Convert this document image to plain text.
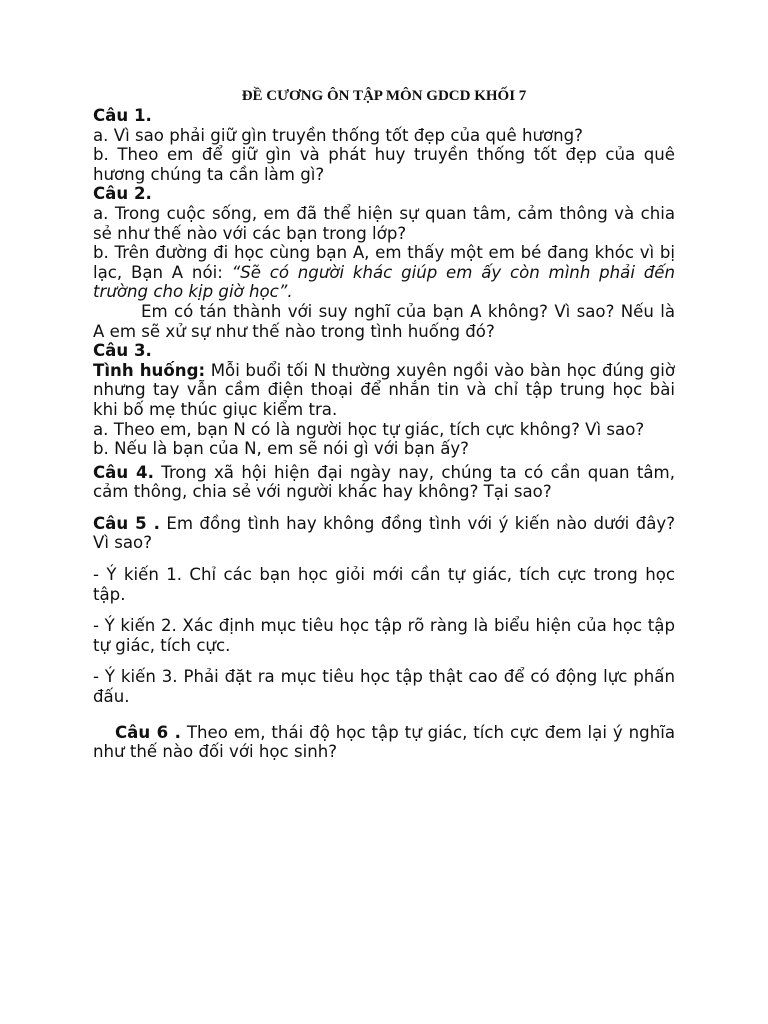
ĐỀ CƯƠNG ÔN TẬP MÔN GDCD KHỐI 7

Câu 1.

a. Vì sao phải giữ gìn truyền thống tốt đẹp của quê hương?

b. Theo em để giữ gìn và phát huy truyền thống tốt đẹp của quê hương chúng ta cần làm gì?

Câu 2.

a. Trong cuộc sống, em đã thể hiện sự quan tâm, cảm thông và chia sẻ như thế nào với các bạn trong lớp?

b. Trên đường đi học cùng bạn A, em thấy một em bé đang khóc vì bị lạc, Bạn A nói: “Sẽ có người khác giúp em ấy còn mình phải đến trường cho kịp giờ học”.

Em có tán thành với suy nghĩ của bạn A không? Vì sao? Nếu là A em sẽ xử sự như thế nào trong tình huống đó?

Câu 3.

Tình huống: Mỗi buổi tối N thường xuyên ngồi vào bàn học đúng giờ nhưng tay vẫn cầm điện thoại để nhắn tin và chỉ tập trung học bài khi bố mẹ thúc giục kiểm tra.

a. Theo em, bạn N có là người học tự giác, tích cực không? Vì sao?

b. Nếu là bạn của N, em sẽ nói gì với bạn ấy?

Câu 4. Trong xã hội hiện đại ngày nay, chúng ta có cần quan tâm, cảm thông, chia sẻ với người khác hay không? Tại sao?

Câu 5 . Em đồng tình hay không đồng tình với ý kiến nào dưới đây? Vì sao?

- Ý kiến 1. Chỉ các bạn học giỏi mới cần tự giác, tích cực trong học tập.

- Ý kiến 2. Xác định mục tiêu học tập rõ ràng là biểu hiện của học tập tự giác, tích cực.

- Ý kiến 3. Phải đặt ra mục tiêu học tập thật cao để có động lực phấn đấu.

Câu 6 . Theo em, thái độ học tập tự giác, tích cực đem lại ý nghĩa như thế nào đối với học sinh?
